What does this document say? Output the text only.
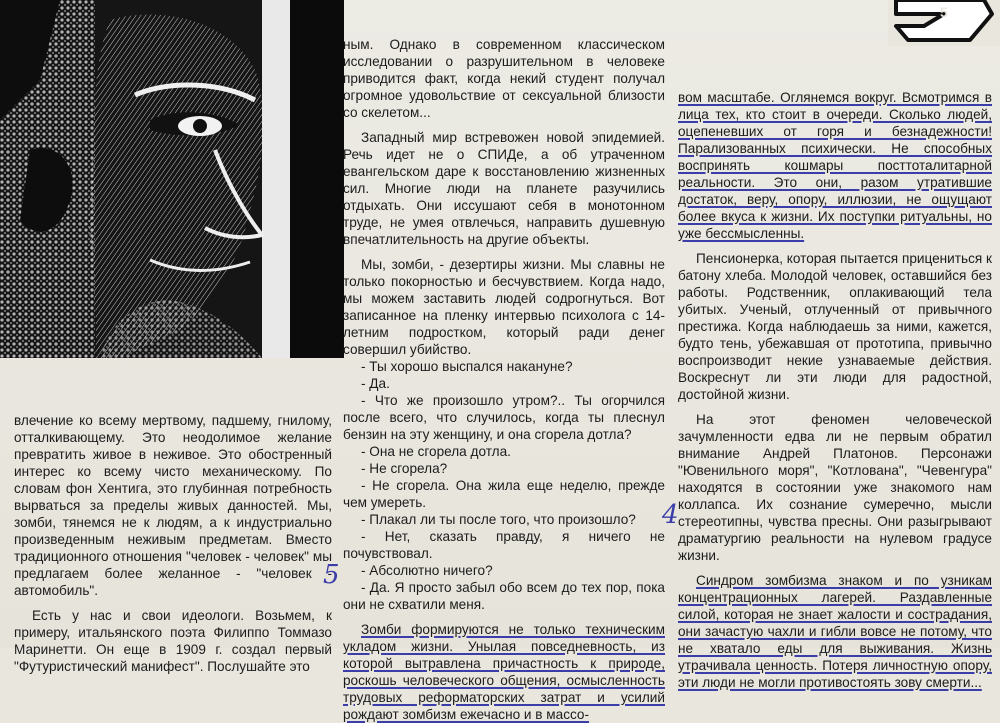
5

влечение ко всему мертвому, падшему, гнилому, отталкивающему. Это неодолимое желание превратить живое в неживое. Это обостренный интерес ко всему чисто механическому. По словам фон Хентига, это глубинная потребность вырваться за пределы живых данностей. Мы, зомби, тянемся не к людям, а к индустриально произведенным неживым предметам. Вместо традиционного отношения "человек - человек" мы предлагаем более желанное - "человек - автомобиль".

Есть у нас и свои идеологи. Возьмем, к примеру, итальянского поэта Филиппо Томмазо Маринетти. Он еще в 1909 г. создал первый "Футуристический манифест". Послушайте это

ным. Однако в современном классическом исследовании о разрушительном в человеке приводится факт, когда некий студент получал огромное удовольствие от сексуальной близости со скелетом...

Западный мир встревожен новой эпидемией. Речь идет не о СПИДе, а об утраченном евангельском даре к восстановлению жизненных сил. Многие люди на планете разучились отдыхать. Они иссушают себя в монотонном труде, не умея отвлечься, направить душевную впечатлительность на другие объекты.

Мы, зомби, - дезертиры жизни. Мы славны не только покорностью и бесчувствием. Когда надо, мы можем заставить людей содрогнуться. Вот записанное на пленку интервью психолога с 14-летним подростком, который ради денег совершил убийство.

- Ты хорошо выспался накануне?

- Да.

- Что же произошло утром?.. Ты огорчился после всего, что случилось, когда ты плеснул бензин на эту женщину, и она сгорела дотла?

- Она не сгорела дотла.

- Не сгорела?

- Не сгорела. Она жила еще неделю, прежде чем умереть.

- Плакал ли ты после того, что произошло?

- Нет, сказать правду, я ничего не почувствовал.

- Абсолютно ничего?

- Да. Я просто забыл обо всем до тех пор, пока они не схватили меня.

Зомби формируются не только техническим укладом жизни. Унылая повседневность, из которой вытравлена причастность к природе, роскошь человеческого общения, осмысленность трудовых реформаторских затрат и усилий рождают зомбизм ежечасно и в массо-

вом масштабе. Оглянемся вокруг. Всмотримся в лица тех, кто стоит в очереди. Сколько людей, оцепеневших от горя и безнадежности! Парализованных психически. Не способных воспринять кошмары посттоталитарной реальности. Это они, разом утратившие достаток, веру, опору, иллюзии, не ощущают более вкуса к жизни. Их поступки ритуальны, но уже бессмысленны.

Пенсионерка, которая пытается прицениться к батону хлеба. Молодой человек, оставшийся без работы. Родственник, оплакивающий тела убитых. Ученый, отлученный от привычного престижа. Когда наблюдаешь за ними, кажется, будто тень, убежавшая от прототипа, привычно воспроизводит некие узнаваемые действия. Воскреснут ли эти люди для радостной, достойной жизни.

На этот феномен человеческой зачумленности едва ли не первым обратил внимание Андрей Платонов. Персонажи "Ювенильного моря", "Котлована", "Чевенгура" находятся в состоянии уже знакомого нам коллапса. Их сознание сумеречно, мысли стереотипны, чувства пресны. Они разыгрывают драматургию реальности на нулевом градусе жизни.

Синдром зомбизма знаком и по узникам концентрационных лагерей. Раздавленные силой, которая не знает жалости и сострадания, они зачастую чахли и гибли вовсе не потому, что не хватало еды для выживания. Жизнь утрачивала ценность. Потеря личностную опору, эти люди не могли противостоять зову смерти...

5
4
